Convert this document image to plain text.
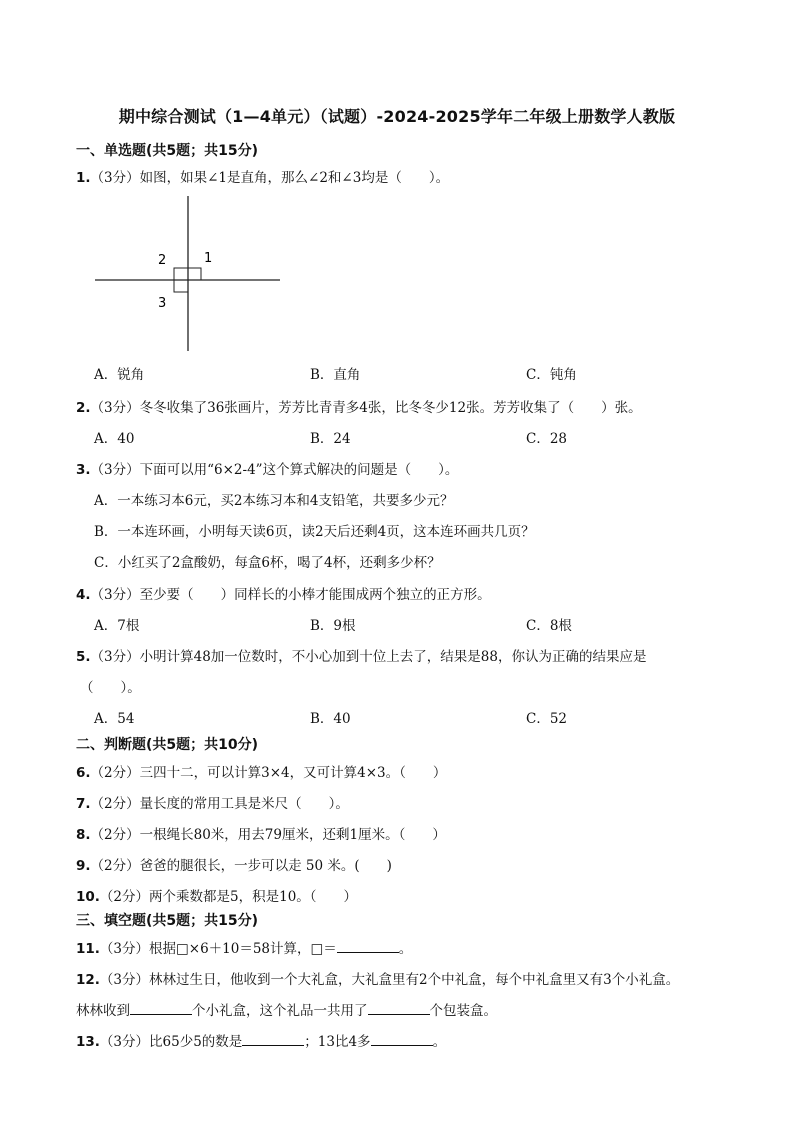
期中综合测试（1—4单元）（试题）-2024-2025学年二年级上册数学人教版
一、单选题(共5题；共15分)
1.（3分）如图，如果∠1是直角，那么∠2和∠3均是（　　）。
1
2
3
A．锐角	B．直角	C．钝角
2.（3分）冬冬收集了36张画片，芳芳比青青多4张，比冬冬少12张。芳芳收集了（　　）张。
A．40	B．24	C．28
3.（3分）下面可以用“6×2-4”这个算式解决的问题是（　　）。
A．一本练习本6元，买2本练习本和4支铅笔，共要多少元？
B．一本连环画，小明每天读6页，读2天后还剩4页，这本连环画共几页？
C．小红买了2盒酸奶，每盒6杯，喝了4杯，还剩多少杯？
4.（3分）至少要（　　）同样长的小棒才能围成两个独立的正方形。
A．7根	B．9根	C．8根
5.（3分）小明计算48加一位数时，不小心加到十位上去了，结果是88，你认为正确的结果应是
（　　）。
A．54	B．40	C．52
二、判断题(共5题；共10分)
6.（2分）三四十二，可以计算3×4，又可计算4×3。（　　）
7.（2分）量长度的常用工具是米尺（　　）。
8.（2分）一根绳长80米，用去79厘米，还剩1厘米。（　　）
9.（2分）爸爸的腿很长，一步可以走 50 米。(　　)
10.（2分）两个乘数都是5，积是10。（　　）
三、填空题(共5题；共15分)
11.（3分）根据□×6＋10＝58计算，□＝	。
12.（3分）林林过生日，他收到一个大礼盒，大礼盒里有2个中礼盒，每个中礼盒里又有3个小礼盒。
林林收到	个小礼盒，这个礼品一共用了	个包装盒。
13.（3分）比65少5的数是	；13比4多	。
